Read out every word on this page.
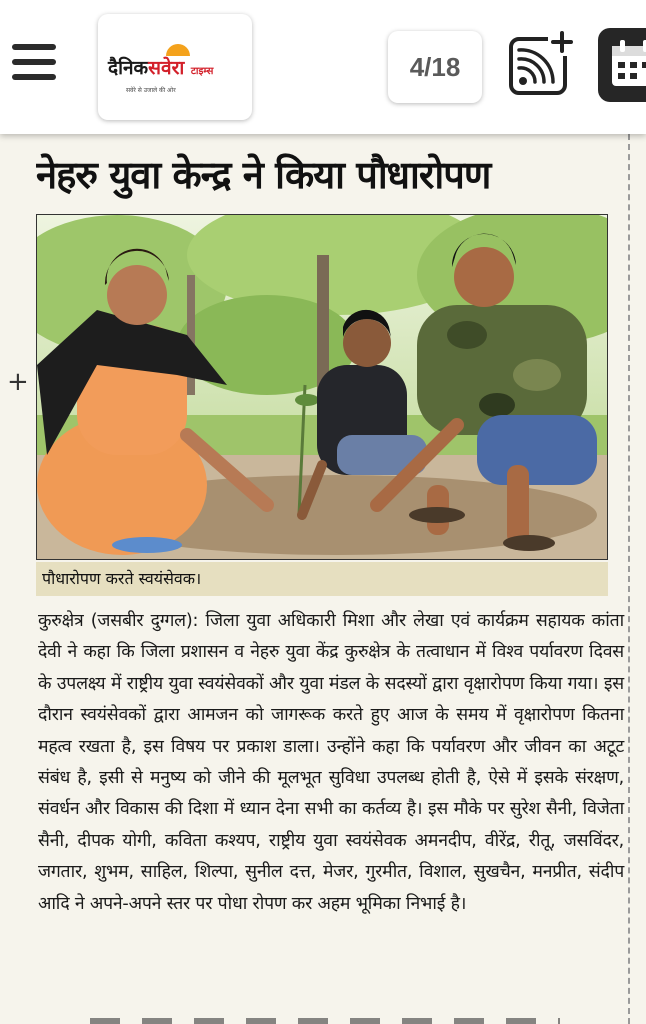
दैनिकसवेरा टाइम्स
सवेरे से उजाले की ओर
4/18
+
नेहरु युवा केन्द्र ने किया पौधारोपण
पौधारोपण करते स्वयंसेवक।
कुरुक्षेत्र (जसबीर दुग्गल): जिला युवा अधिकारी मिशा और लेखा एवं कार्यक्रम सहायक कांता देवी ने कहा कि जिला प्रशासन व नेहरु युवा केंद्र कुरुक्षेत्र के तत्वाधान में विश्व पर्यावरण दिवस के उपलक्ष्य में राष्ट्रीय युवा स्वयंसेवकों और युवा मंडल के सदस्यों द्वारा वृक्षारोपण किया गया। इस दौरान स्वयंसेवकों द्वारा आमजन को जागरूक करते हुए आज के समय में वृक्षारोपण कितना महत्व रखता है, इस विषय पर प्रकाश डाला। उन्होंने कहा कि पर्यावरण और जीवन का अटूट संबंध है, इसी से मनुष्य को जीने की मूलभूत सुविधा उपलब्ध होती है, ऐसे में इसके संरक्षण, संवर्धन और विकास की दिशा में ध्यान देना सभी का कर्तव्य है। इस मौके पर सुरेश सैनी, विजेता सैनी, दीपक योगी, कविता कश्यप, राष्ट्रीय युवा स्वयंसेवक अमनदीप, वीरेंद्र, रीतू, जसविंदर, जगतार, शुभम, साहिल, शिल्पा, सुनील दत्त, मेजर, गुरमीत, विशाल, सुखचैन, मनप्रीत, संदीप आदि ने अपने-अपने स्तर पर पोधा रोपण कर अहम भूमिका निभाई है।
